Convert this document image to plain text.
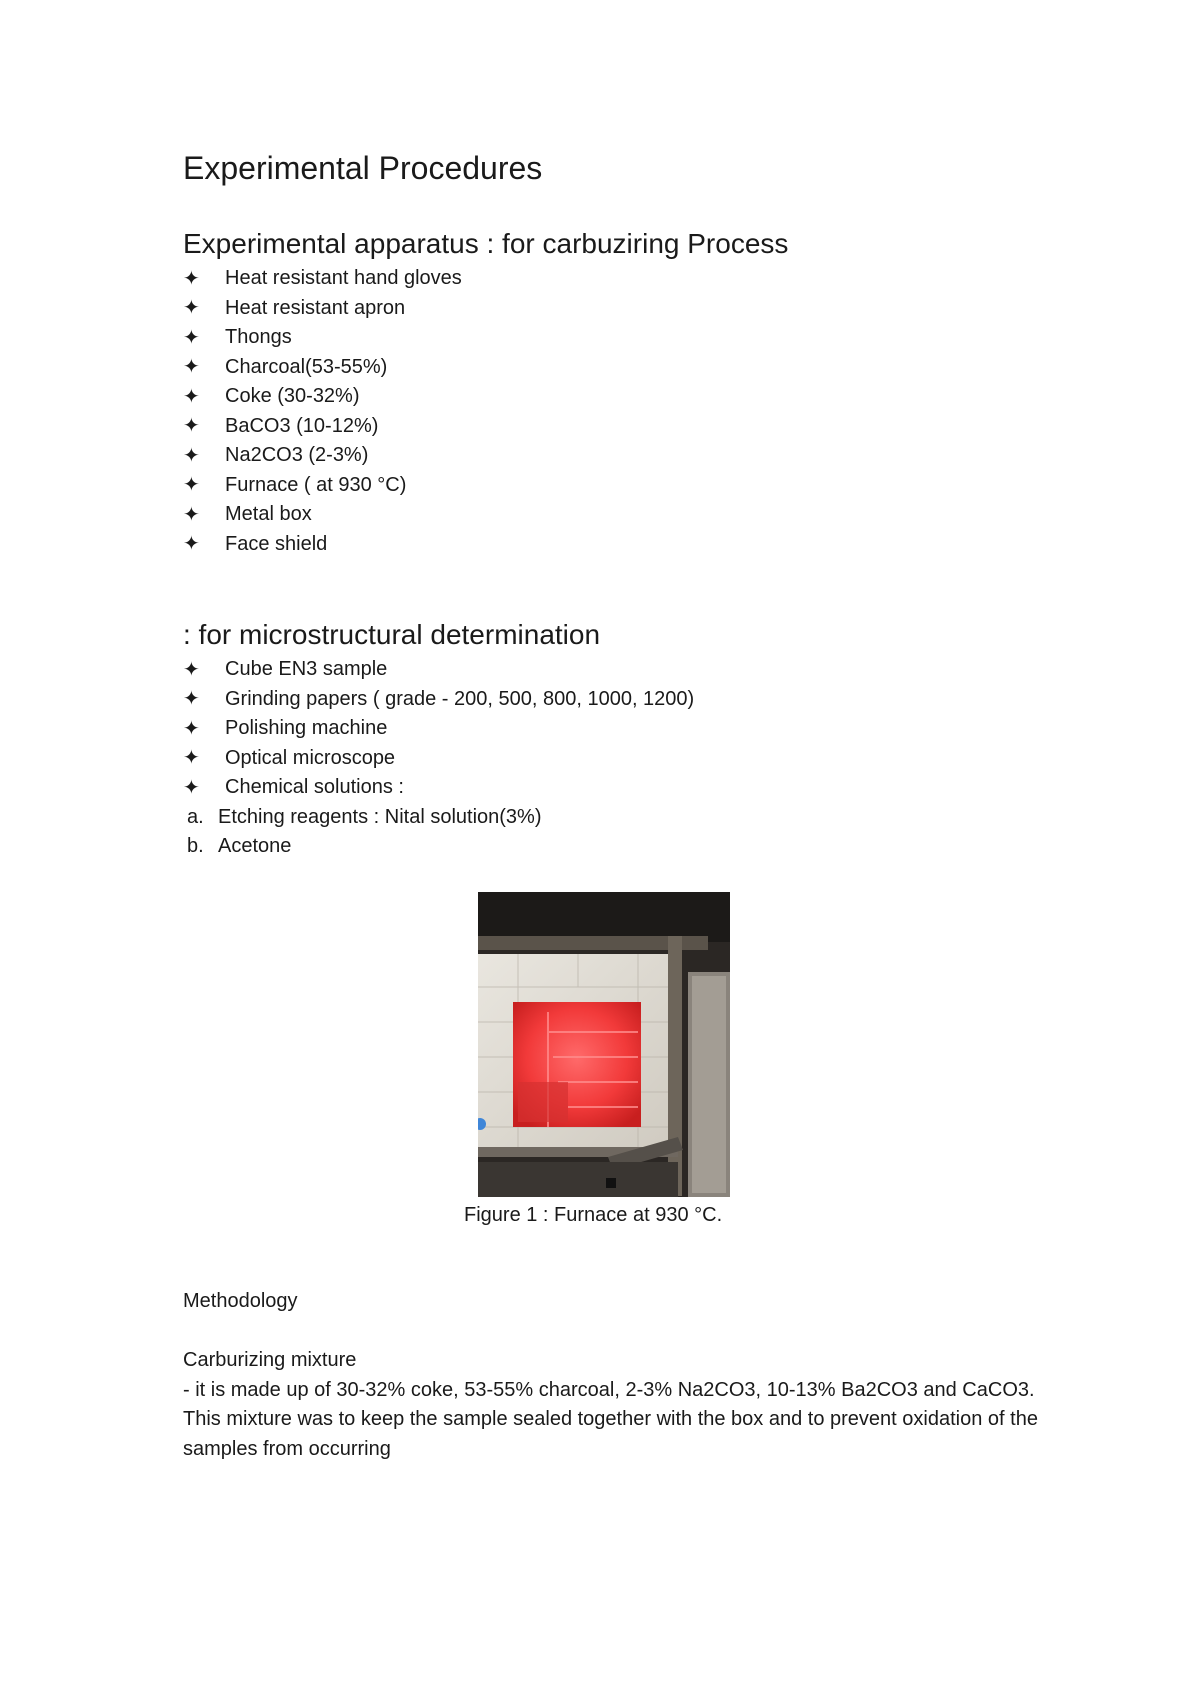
Experimental Procedures
Experimental apparatus : for carbuziring Process
✦	Heat resistant hand gloves
✦	Heat resistant apron
✦	Thongs
✦	Charcoal(53-55%)
✦	Coke (30-32%)
✦	BaCO3 (10-12%)
✦	Na2CO3 (2-3%)
✦	Furnace ( at 930 °C)
✦	Metal box
✦	Face shield
: for microstructural determination
✦	Cube EN3 sample
✦	Grinding papers ( grade - 200, 500, 800, 1000, 1200)
✦	Polishing machine
✦	Optical microscope
✦	Chemical solutions :
a. Etching reagents : Nital solution(3%)
b. Acetone
Figure 1 : Furnace at 930 °C.

Methodology

Carburizing mixture

- it is made up of 30-32% coke, 53-55% charcoal, 2-3% Na2CO3, 10-13% Ba2CO3 and CaCO3. This mixture was to keep the sample sealed together with the box and to prevent oxidation of the samples from occurring
